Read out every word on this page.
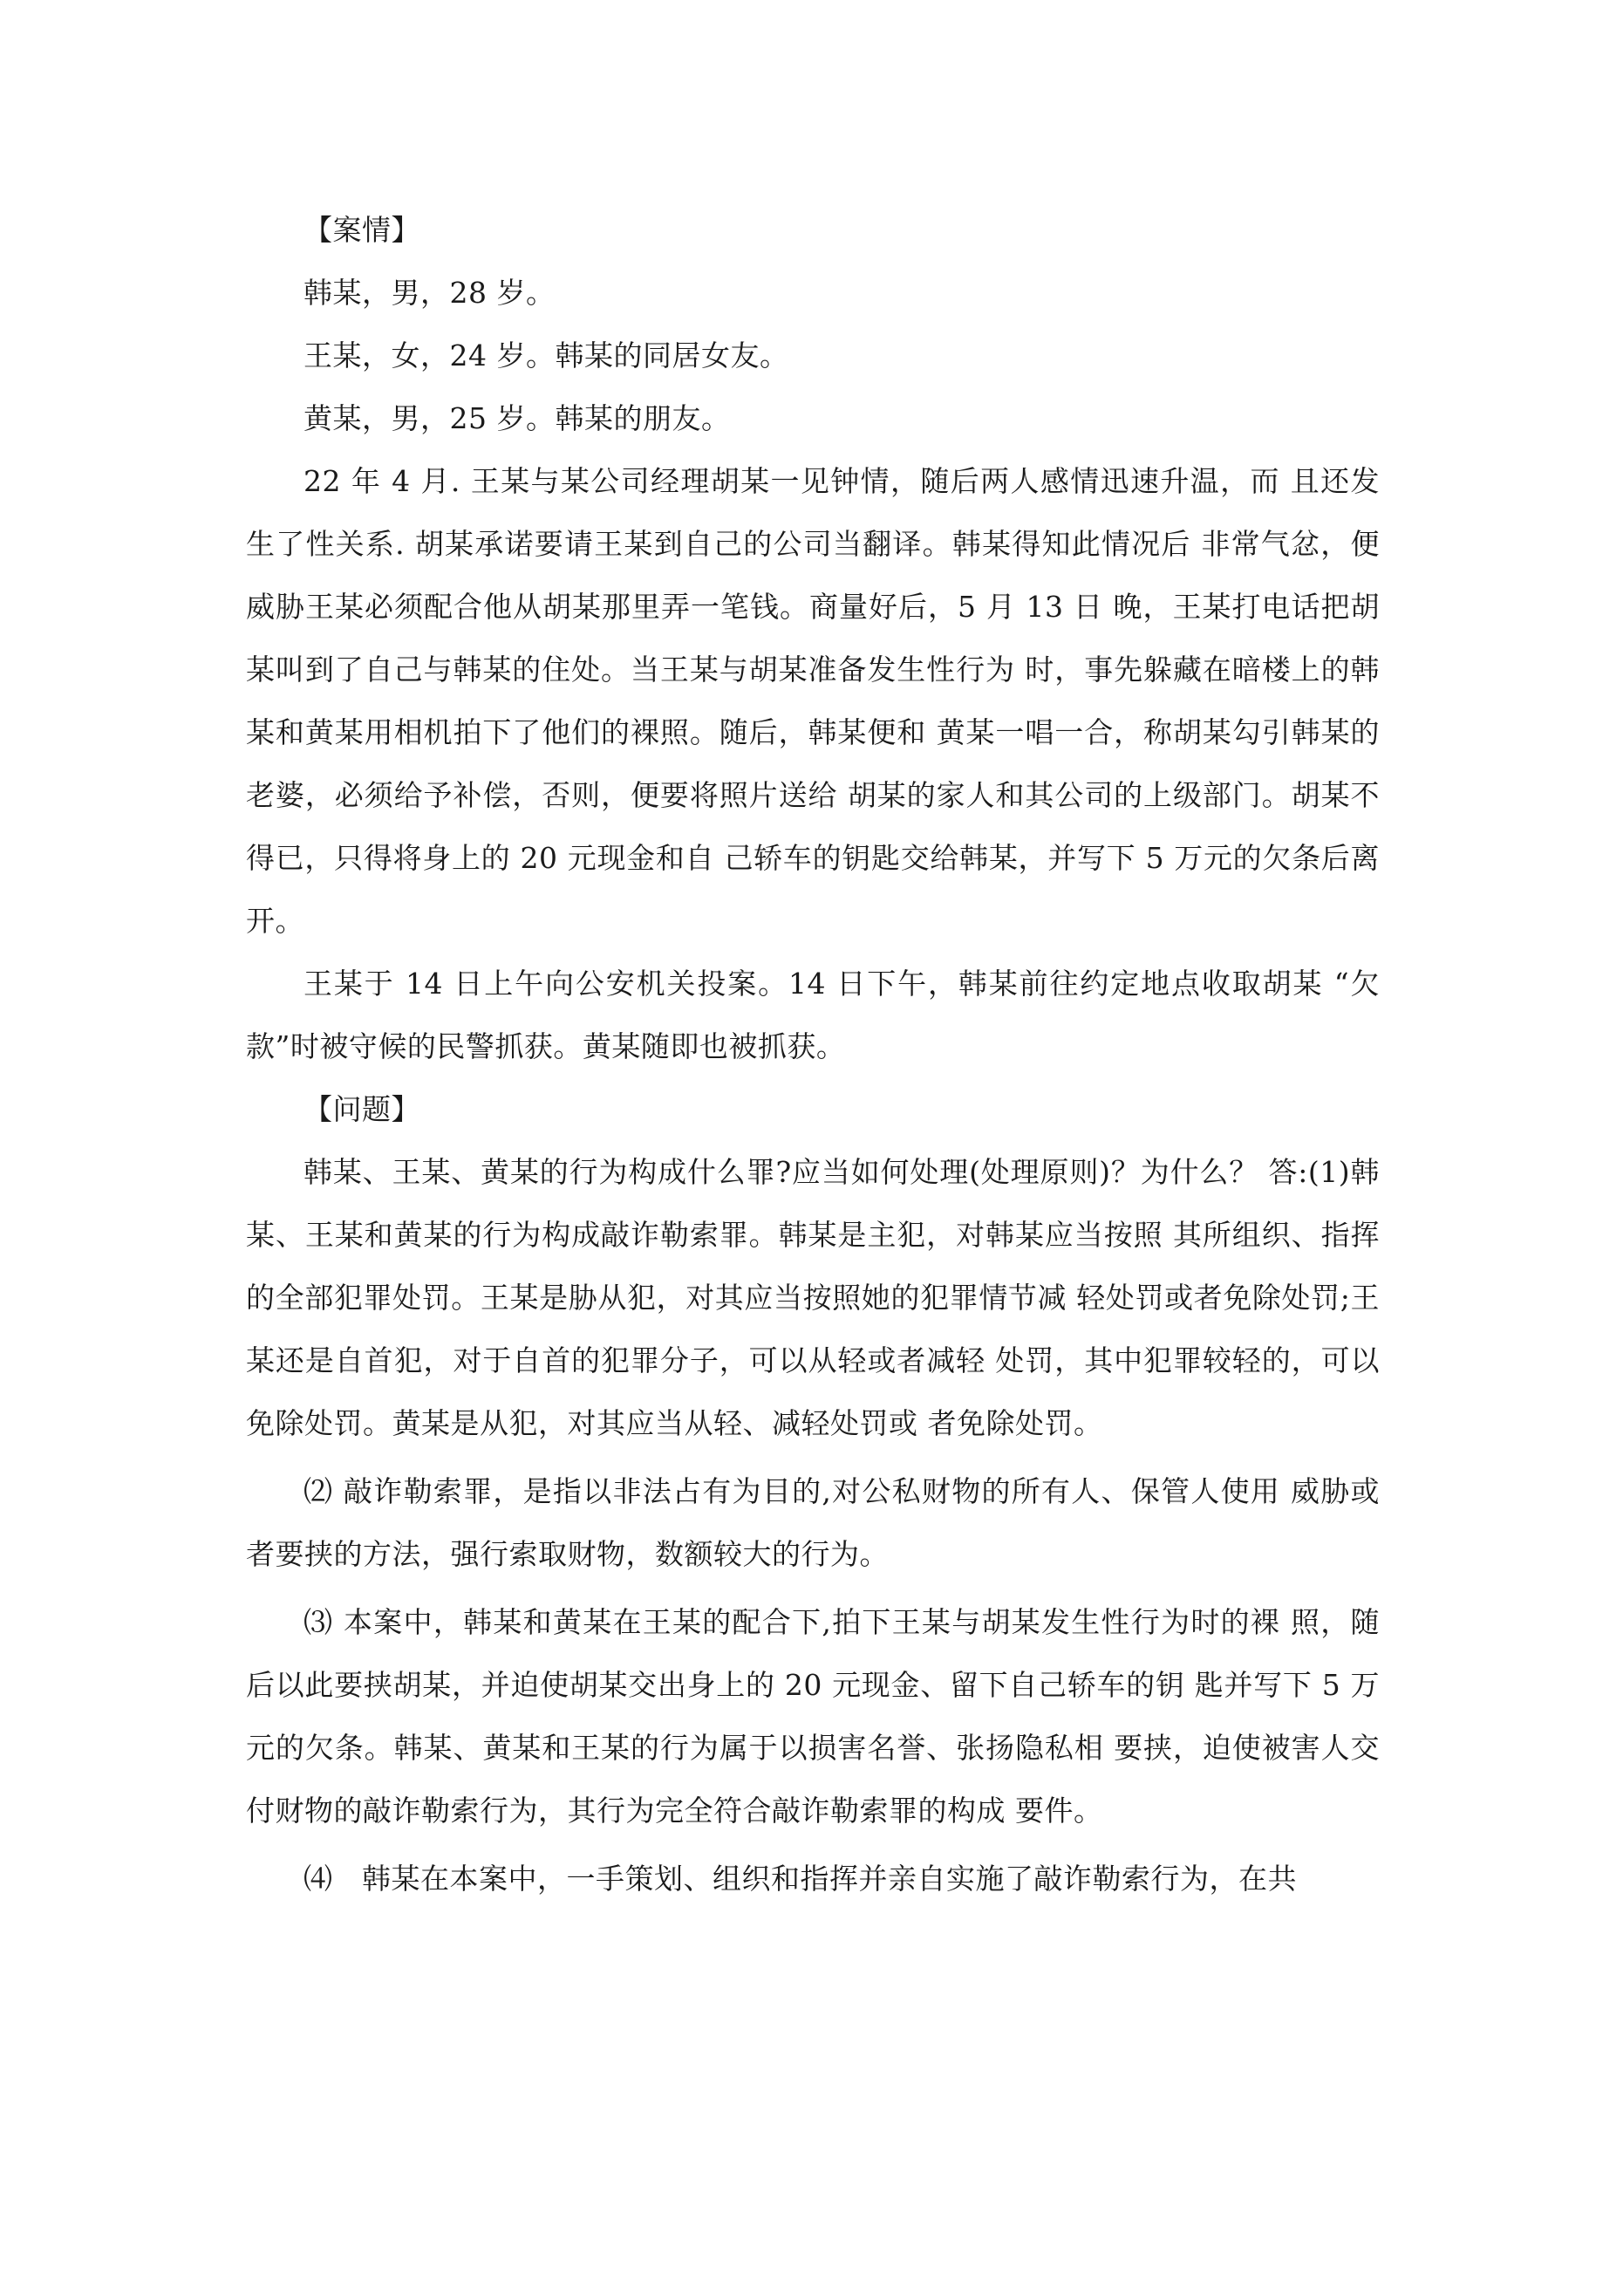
【案情】

韩某，男，28 岁。

王某，女，24 岁。韩某的同居女友。

黄某，男，25 岁。韩某的朋友。

22 年 4 月. 王某与某公司经理胡某一见钟情，随后两人感情迅速升温，而 且还发生了性关系. 胡某承诺要请王某到自己的公司当翻译。韩某得知此情况后 非常气忿，便威胁王某必须配合他从胡某那里弄一笔钱。商量好后，5 月 13 日 晚，王某打电话把胡某叫到了自己与韩某的住处。当王某与胡某准备发生性行为 时，事先躲藏在暗楼上的韩某和黄某用相机拍下了他们的裸照。随后，韩某便和 黄某一唱一合，称胡某勾引韩某的老婆，必须给予补偿，否则，便要将照片送给 胡某的家人和其公司的上级部门。胡某不得已，只得将身上的 20 元现金和自 己轿车的钥匙交给韩某，并写下 5 万元的欠条后离开。

王某于 14 日上午向公安机关投案。14 日下午，韩某前往约定地点收取胡某 “欠款”时被守候的民警抓获。黄某随即也被抓获。

【问题】

韩某、王某、黄某的行为构成什么罪?应当如何处理(处理原则)？为什么？ 答:(1)韩某、王某和黄某的行为构成敲诈勒索罪。韩某是主犯，对韩某应当按照 其所组织、指挥的全部犯罪处罚。王某是胁从犯，对其应当按照她的犯罪情节减 轻处罚或者免除处罚;王某还是自首犯，对于自首的犯罪分子，可以从轻或者减轻 处罚，其中犯罪较轻的，可以免除处罚。黄某是从犯，对其应当从轻、减轻处罚或 者免除处罚。

⑵ 敲诈勒索罪，是指以非法占有为目的,对公私财物的所有人、保管人使用 威胁或者要挟的方法，强行索取财物，数额较大的行为。

⑶ 本案中，韩某和黄某在王某的配合下,拍下王某与胡某发生性行为时的裸 照，随后以此要挟胡某，并迫使胡某交出身上的 20 元现金、留下自己轿车的钥 匙并写下 5 万元的欠条。韩某、黄某和王某的行为属于以损害名誉、张扬隐私相 要挟，迫使被害人交付财物的敲诈勒索行为，其行为完全符合敲诈勒索罪的构成 要件。

⑷　韩某在本案中，一手策划、组织和指挥并亲自实施了敲诈勒索行为，在共
